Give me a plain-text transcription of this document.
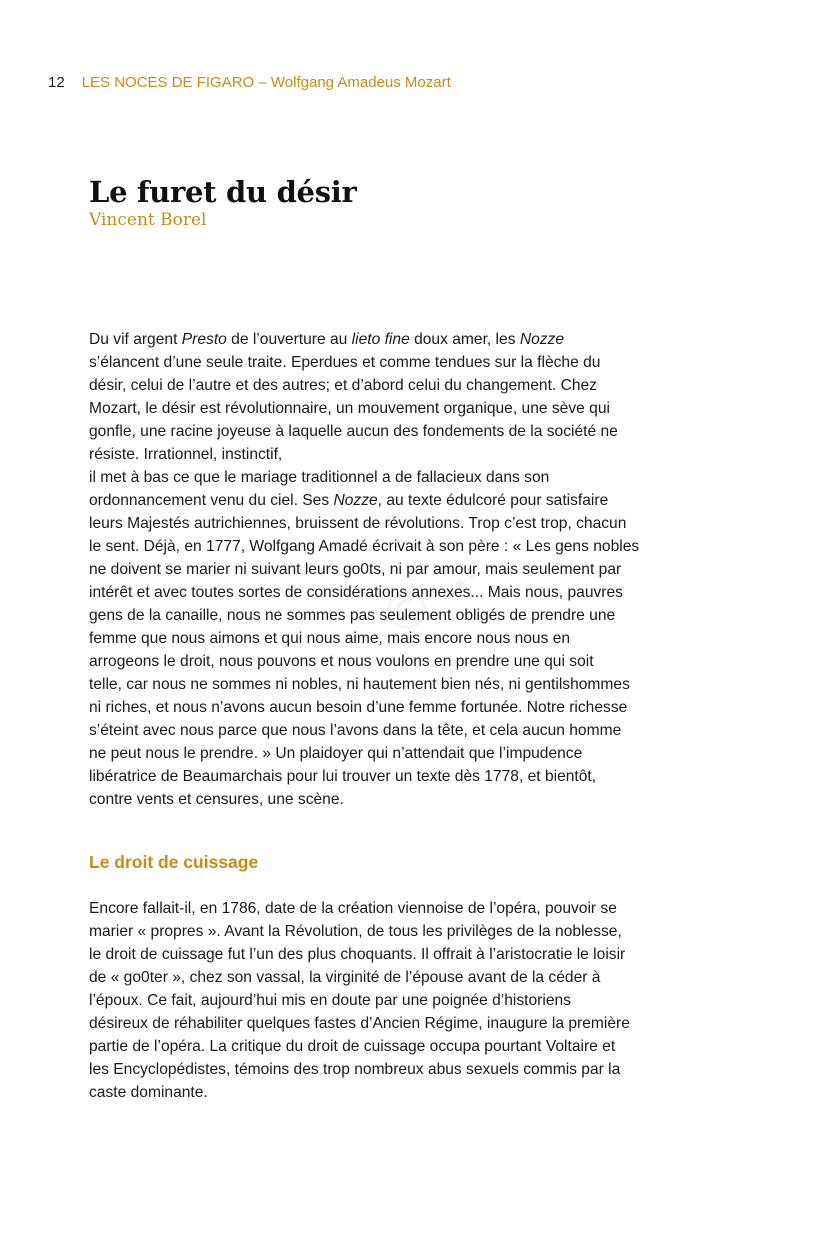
© ...
12 LES NOCES DE FIGARO – Wolfgang Amadeus Mozart
Le furet du désir
Vincent Borel

Du vif argent Presto de l’ouverture au lieto fine doux amer, les Nozze
s’élancent d’une seule traite. Eperdues et comme tendues sur la flèche du
désir, celui de l’autre et des autres; et d’abord celui du changement. Chez
Mozart, le désir est révolutionnaire, un mouvement organique, une sève qui
gonfle, une racine joyeuse à laquelle aucun des fondements de la société ne
résiste. Irrationnel, instinctif,
il met à bas ce que le mariage traditionnel a de fallacieux dans son
ordonnancement venu du ciel. Ses Nozze, au texte édulcoré pour satisfaire
leurs Majestés autrichiennes, bruissent de révolutions. Trop c’est trop, chacun
le sent. Déjà, en 1777, Wolfgang Amadé écrivait à son père : « Les gens nobles
ne doivent se marier ni suivant leurs go0ts, ni par amour, mais seulement par
intérêt et avec toutes sortes de considérations annexes... Mais nous, pauvres
gens de la canaille, nous ne sommes pas seulement obligés de prendre une
femme que nous aimons et qui nous aime, mais encore nous nous en
arrogeons le droit, nous pouvons et nous voulons en prendre une qui soit
telle, car nous ne sommes ni nobles, ni hautement bien nés, ni gentilshommes
ni riches, et nous n’avons aucun besoin d’une femme fortunée. Notre richesse
s’éteint avec nous parce que nous l’avons dans la tête, et cela aucun homme
ne peut nous le prendre. » Un plaidoyer qui n’attendait que l’impudence
libératrice de Beaumarchais pour lui trouver un texte dès 1778, et bientôt,
contre vents et censures, une scène.

Le droit de cuissage

Encore fallait-il, en 1786, date de la création viennoise de l’opéra, pouvoir se
marier « propres ». Avant la Révolution, de tous les privilèges de la noblesse,
le droit de cuissage fut l’un des plus choquants. Il offrait à l’aristocratie le loisir
de « go0ter », chez son vassal, la virginité de l’épouse avant de la céder à
l’époux. Ce fait, aujourd’hui mis en doute par une poignée d’historiens
désireux de réhabiliter quelques fastes d’Ancien Régime, inaugure la première
partie de l’opéra. La critique du droit de cuissage occupa pourtant Voltaire et
les Encyclopédistes, témoins des trop nombreux abus sexuels commis par la
caste dominante.
